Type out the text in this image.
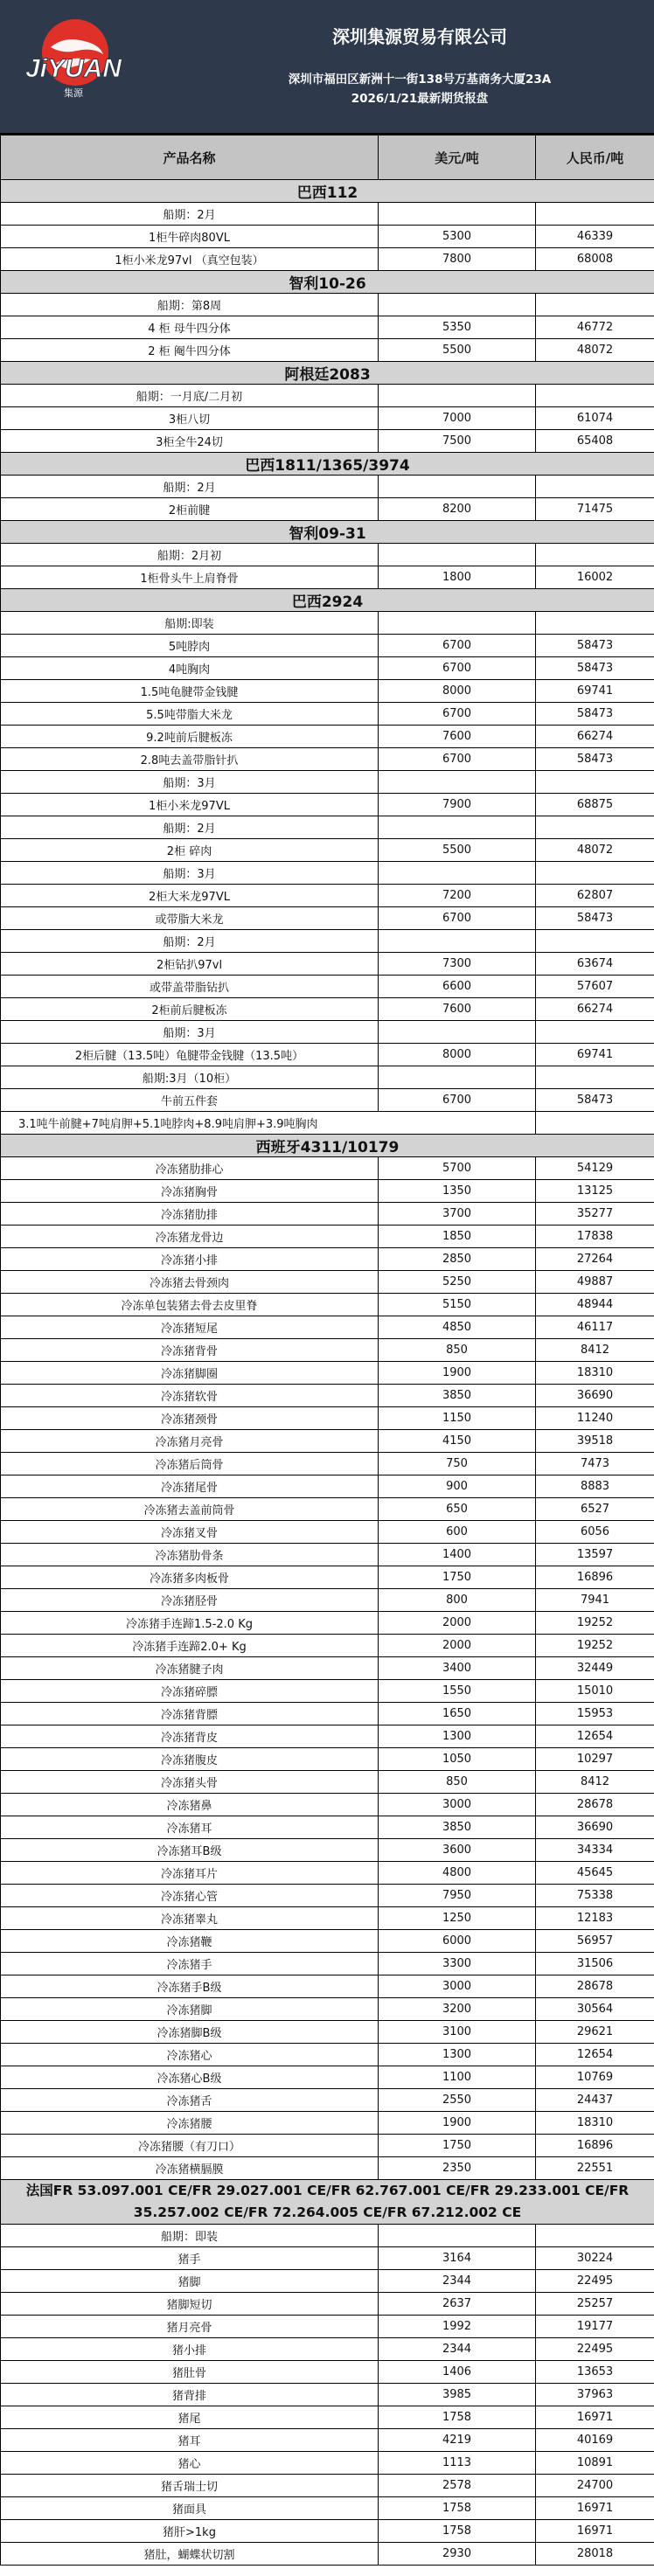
JiYUAN
集源
深圳集源贸易有限公司
深圳市福田区新洲十一街138号万基商务大厦23A
2026/1/21最新期货报盘
产品名称	美元/吨	人民币/吨
巴西112		
船期：2月		
1柜牛碎肉80VL	5300	46339
1柜小米龙97vl （真空包装）	7800	68008
智利10-26		
船期：第8周		
4 柜 母牛四分体	5350	46772
2 柜 阉牛四分体	5500	48072
阿根廷2083		
船期：一月底/二月初		
3柜八切	7000	61074
3柜全牛24切	7500	65408
巴西1811/1365/3974		
船期：2月		
2柜前腱	8200	71475
智利09-31		
船期：2月初		
1柜骨头牛上肩脊骨	1800	16002
巴西2924		
船期:即装		
5吨脖肉	6700	58473
4吨胸肉	6700	58473
1.5吨龟腱带金钱腱	8000	69741
5.5吨带脂大米龙	6700	58473
9.2吨前后腱板冻	7600	66274
2.8吨去盖带脂针扒	6700	58473
船期：3月		
1柜小米龙97VL	7900	68875
船期：2月		
2柜 碎肉	5500	48072
船期：3月		
2柜大米龙97VL	7200	62807
或带脂大米龙	6700	58473
船期：2月		
2柜钻扒97vl	7300	63674
或带盖带脂钻扒	6600	57607
2柜前后腱板冻	7600	66274
船期：3月		
2柜后腱（13.5吨）龟腱带金钱腱（13.5吨）	8000	69741
船期:3月（10柜）		
牛前五件套	6700	58473
3.1吨牛前腱+7吨肩胛+5.1吨脖肉+8.9吨肩胛+3.9吨胸肉		
西班牙4311/10179		
冷冻猪肋排心	5700	54129
冷冻猪胸骨	1350	13125
冷冻猪肋排	3700	35277
冷冻猪龙骨边	1850	17838
冷冻猪小排	2850	27264
冷冻猪去骨颈肉	5250	49887
冷冻单包装猪去骨去皮里脊	5150	48944
冷冻猪短尾	4850	46117
冷冻猪背骨	850	8412
冷冻猪脚圈	1900	18310
冷冻猪软骨	3850	36690
冷冻猪颈骨	1150	11240
冷冻猪月亮骨	4150	39518
冷冻猪后筒骨	750	7473
冷冻猪尾骨	900	8883
冷冻猪去盖前筒骨	650	6527
冷冻猪叉骨	600	6056
冷冻猪肋骨条	1400	13597
冷冻猪多肉板骨	1750	16896
冷冻猪胫骨	800	7941
冷冻猪手连蹄1.5-2.0 Kg	2000	19252
冷冻猪手连蹄2.0+ Kg	2000	19252
冷冻猪腱子肉	3400	32449
冷冻猪碎膘	1550	15010
冷冻猪背膘	1650	15953
冷冻猪背皮	1300	12654
冷冻猪腹皮	1050	10297
冷冻猪头骨	850	8412
冷冻猪鼻	3000	28678
冷冻猪耳	3850	36690
冷冻猪耳B级	3600	34334
冷冻猪耳片	4800	45645
冷冻猪心管	7950	75338
冷冻猪睾丸	1250	12183
冷冻猪鞭	6000	56957
冷冻猪手	3300	31506
冷冻猪手B级	3000	28678
冷冻猪脚	3200	30564
冷冻猪脚B级	3100	29621
冷冻猪心	1300	12654
冷冻猪心B级	1100	10769
冷冻猪舌	2550	24437
冷冻猪腰	1900	18310
冷冻猪腰（有刀口）	1750	16896
冷冻猪横膈膜	2350	22551
法国FR 53.097.001 CE/FR 29.027.001 CE/FR 62.767.001 CE/FR 29.233.001 CE/FR 35.257.002 CE/FR 72.264.005 CE/FR 67.212.002 CE		
船期：即装		
猪手	3164	30224
猪脚	2344	22495
猪脚短切	2637	25257
猪月亮骨	1992	19177
猪小排	2344	22495
猪肚骨	1406	13653
猪背排	3985	37963
猪尾	1758	16971
猪耳	4219	40169
猪心	1113	10891
猪舌瑞士切	2578	24700
猪面具	1758	16971
猪肝>1kg	1758	16971
猪肚，蝴蝶状切割	2930	28018
